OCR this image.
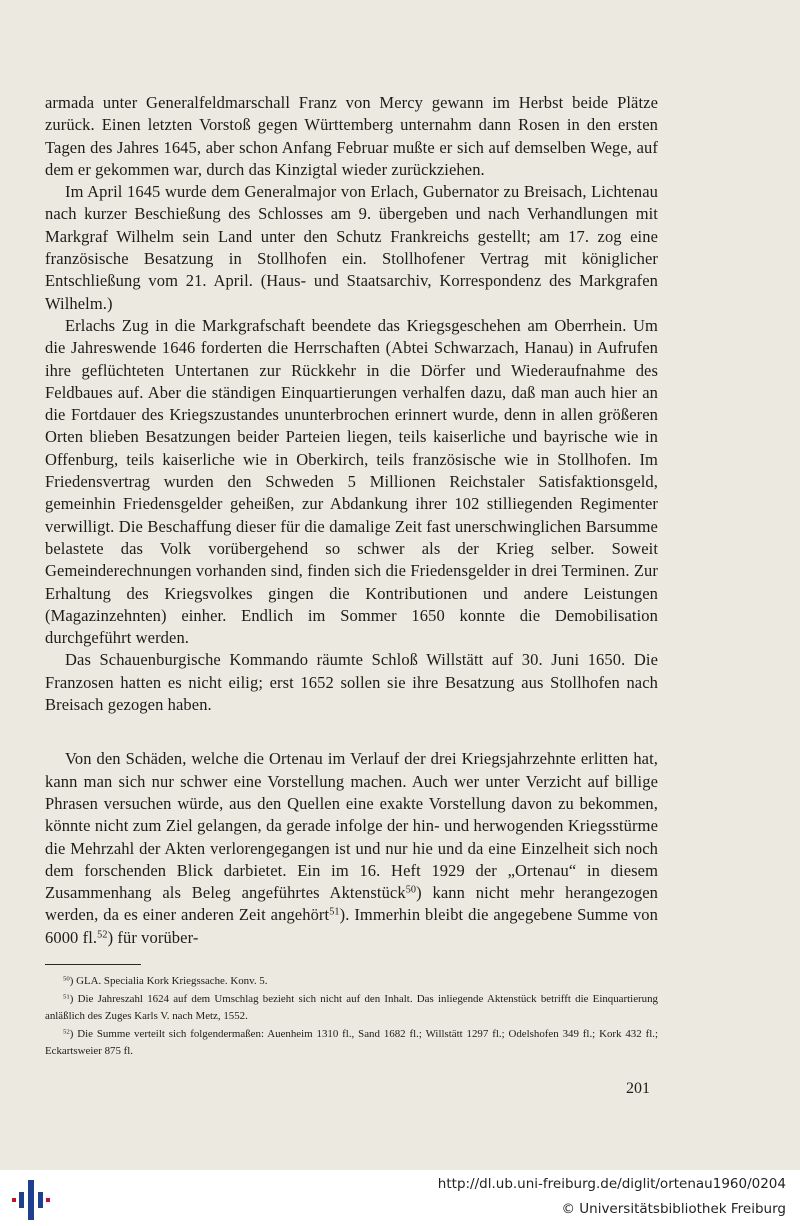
armada unter Generalfeldmarschall Franz von Mercy gewann im Herbst beide Plätze zurück. Einen letzten Vorstoß gegen Württemberg unternahm dann Rosen in den ersten Tagen des Jahres 1645, aber schon Anfang Februar mußte er sich auf demselben Wege, auf dem er gekommen war, durch das Kinzigtal wieder zurückziehen.

Im April 1645 wurde dem Generalmajor von Erlach, Gubernator zu Breisach, Lichtenau nach kurzer Beschießung des Schlosses am 9. übergeben und nach Verhandlungen mit Markgraf Wilhelm sein Land unter den Schutz Frankreichs gestellt; am 17. zog eine französische Besatzung in Stollhofen ein. Stollhofener Vertrag mit königlicher Entschließung vom 21. April. (Haus- und Staatsarchiv, Korrespondenz des Markgrafen Wilhelm.)

Erlachs Zug in die Markgrafschaft beendete das Kriegsgeschehen am Oberrhein. Um die Jahreswende 1646 forderten die Herrschaften (Abtei Schwarzach, Hanau) in Aufrufen ihre geflüchteten Untertanen zur Rückkehr in die Dörfer und Wiederaufnahme des Feldbaues auf. Aber die ständigen Einquartierungen verhalfen dazu, daß man auch hier an die Fortdauer des Kriegszustandes ununterbrochen erinnert wurde, denn in allen größeren Orten blieben Besatzungen beider Parteien liegen, teils kaiserliche und bayrische wie in Offenburg, teils kaiserliche wie in Oberkirch, teils französische wie in Stollhofen. Im Friedensvertrag wurden den Schweden 5 Millionen Reichstaler Satisfaktionsgeld, gemeinhin Friedensgelder geheißen, zur Abdankung ihrer 102 stilliegenden Regimenter verwilligt. Die Beschaffung dieser für die damalige Zeit fast unerschwinglichen Barsumme belastete das Volk vorübergehend so schwer als der Krieg selber. Soweit Gemeinderechnungen vorhanden sind, finden sich die Friedensgelder in drei Terminen. Zur Erhaltung des Kriegsvolkes gingen die Kontributionen und andere Leistungen (Magazinzehnten) einher. Endlich im Sommer 1650 konnte die Demobilisation durchgeführt werden.

Das Schauenburgische Kommando räumte Schloß Willstätt auf 30. Juni 1650. Die Franzosen hatten es nicht eilig; erst 1652 sollen sie ihre Besatzung aus Stollhofen nach Breisach gezogen haben.

Von den Schäden, welche die Ortenau im Verlauf der drei Kriegsjahrzehnte erlitten hat, kann man sich nur schwer eine Vorstellung machen. Auch wer unter Verzicht auf billige Phrasen versuchen würde, aus den Quellen eine exakte Vorstellung davon zu bekommen, könnte nicht zum Ziel gelangen, da gerade infolge der hin- und herwogenden Kriegsstürme die Mehrzahl der Akten verlorengegangen ist und nur hie und da eine Einzelheit sich noch dem forschenden Blick darbietet. Ein im 16. Heft 1929 der „Ortenau“ in diesem Zusammenhang als Beleg angeführtes Aktenstück$^{50}$) kann nicht mehr herangezogen werden, da es einer anderen Zeit angehört$^{51}$). Immerhin bleibt die angegebene Summe von 6000 fl.$^{52}$) für vorüber-

$^{50}$) GLA. Specialia Kork Kriegssache. Konv. 5.

$^{51}$) Die Jahreszahl 1624 auf dem Umschlag bezieht sich nicht auf den Inhalt. Das inliegende Aktenstück betrifft die Einquartierung anläßlich des Zuges Karls V. nach Metz, 1552.

$^{52}$) Die Summe verteilt sich folgendermaßen: Auenheim 1310 fl., Sand 1682 fl.; Willstätt 1297 fl.; Odelshofen 349 fl.; Kork 432 fl.; Eckartsweier 875 fl.

201
http://dl.ub.uni-freiburg.de/diglit/ortenau1960/0204
© Universitätsbibliothek Freiburg
